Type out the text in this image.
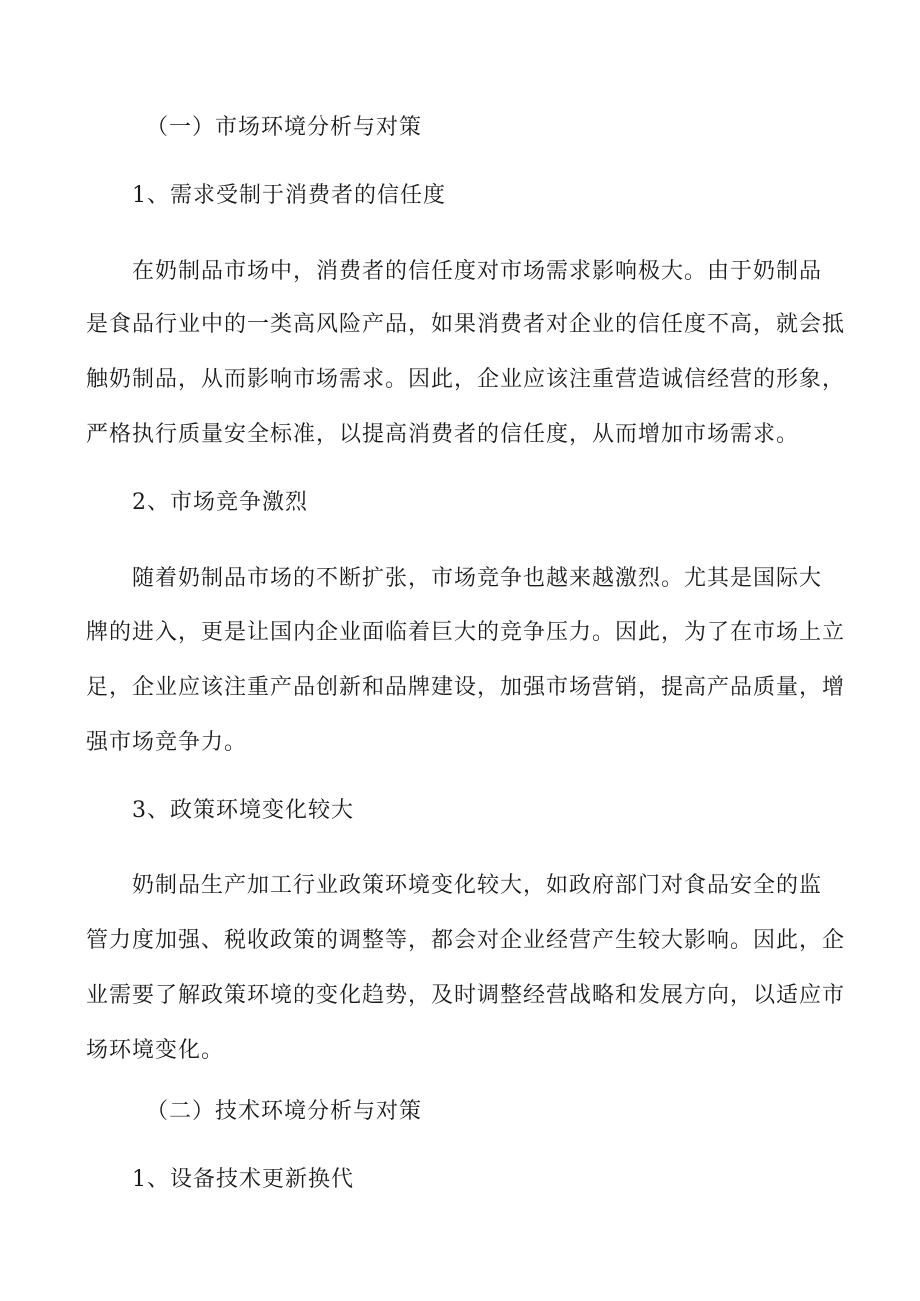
（一）市场环境分析与对策
1、需求受制于消费者的信任度
在奶制品市场中，消费者的信任度对市场需求影响极大。由于奶制品
是食品行业中的一类高风险产品，如果消费者对企业的信任度不高，就会抵
触奶制品，从而影响市场需求。因此，企业应该注重营造诚信经营的形象，
严格执行质量安全标准，以提高消费者的信任度，从而增加市场需求。
2、市场竞争激烈
随着奶制品市场的不断扩张，市场竞争也越来越激烈。尤其是国际大
牌的进入，更是让国内企业面临着巨大的竞争压力。因此，为了在市场上立
足，企业应该注重产品创新和品牌建设，加强市场营销，提高产品质量，增
强市场竞争力。
3、政策环境变化较大
奶制品生产加工行业政策环境变化较大，如政府部门对食品安全的监
管力度加强、税收政策的调整等，都会对企业经营产生较大影响。因此，企
业需要了解政策环境的变化趋势，及时调整经营战略和发展方向，以适应市
场环境变化。
（二）技术环境分析与对策
1、设备技术更新换代
